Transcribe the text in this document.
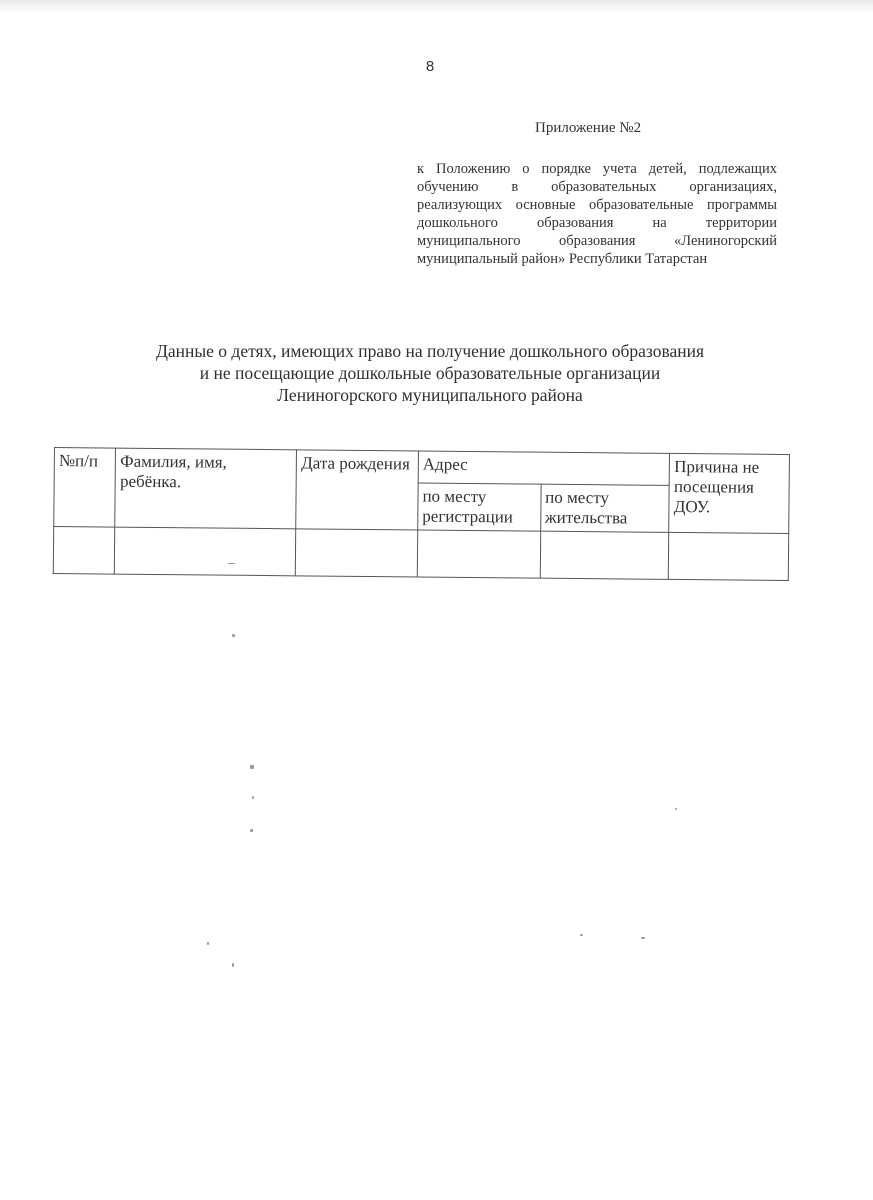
8
Приложение №2
к Положению о порядке учета детей, подлежащих обучению в образовательных организациях, реализующих основные образовательные программы дошкольного образования на территории муниципального образования «Лениногорский муниципальный район» Республики Татарстан
Данные о детях, имеющих право на получение дошкольного образования
и не посещающие дошкольные образовательные организации
Лениногорского муниципального района
№п/п	Фамилия, имя, ребёнка.	Дата рождения	Адрес		Причина не посещения ДОУ.
			по месту регистрации	по месту жительства	
